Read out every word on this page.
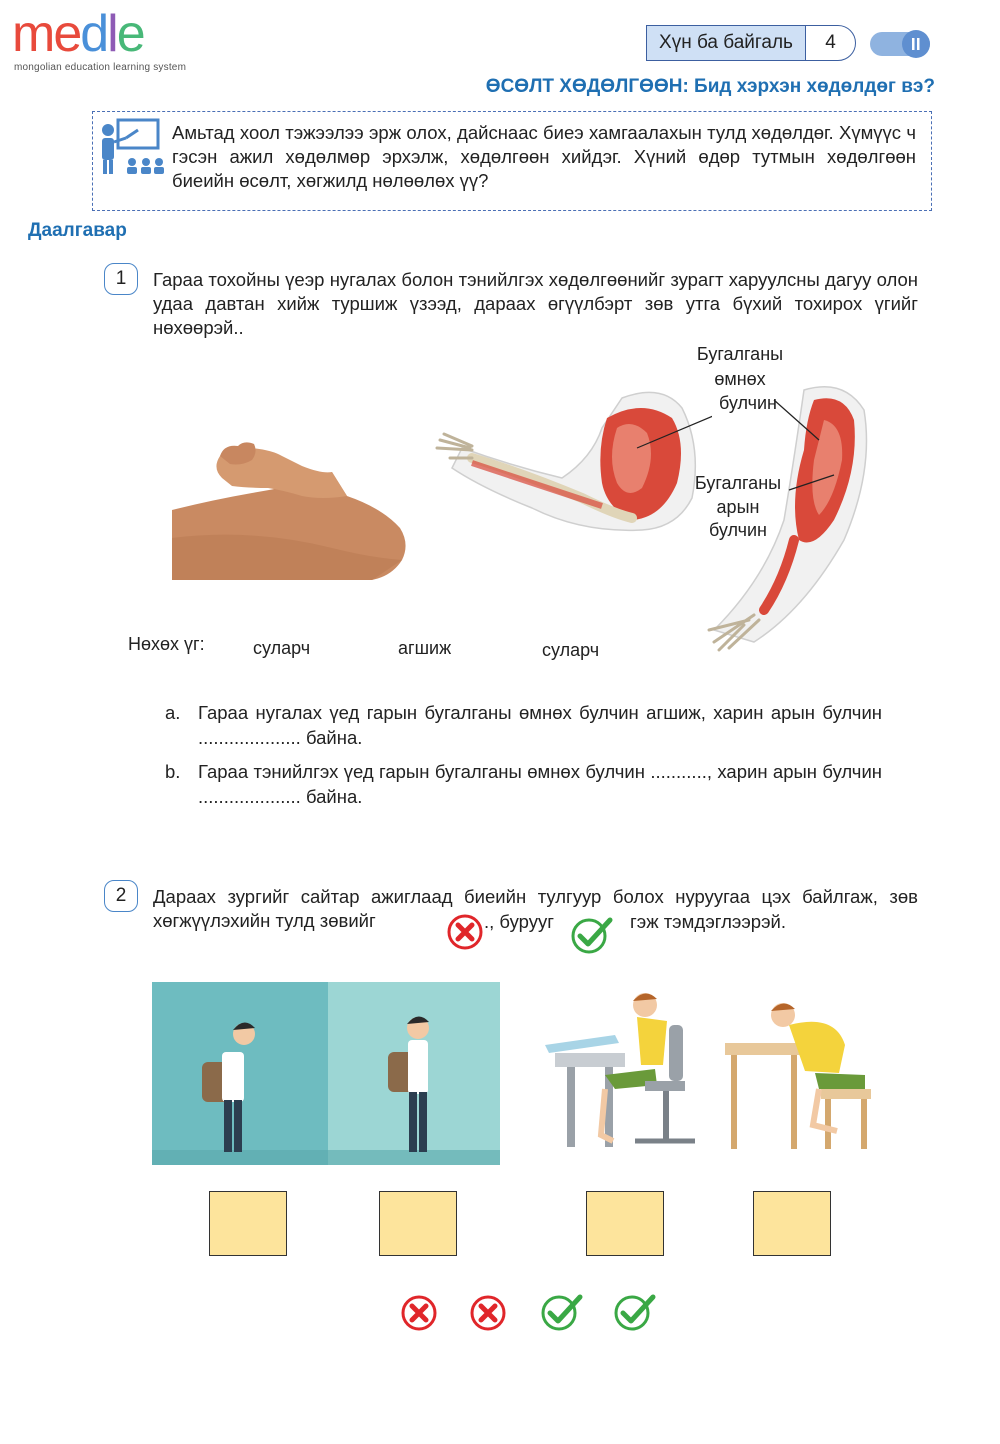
medle
mongolian education learning system
Хүн ба байгаль	4
ӨСӨЛТ ХӨДӨЛГӨӨН: Бид хэрхэн хөдөлдөг вэ?
Амьтад хоол тэжээлээ эрж олох, дайснаас биеэ хамгаалахын тулд хөдөлдөг. Хүмүүс ч гэсэн ажил хөдөлмөр эрхэлж, хөдөлгөөн хийдэг. Хүний өдөр тутмын хөдөлгөөн биеийн өсөлт, хөгжилд нөлөөлөх үү?
Даалгавар
1	Гараа тохойны үеэр нугалах болон тэнийлгэх хөдөлгөөнийг зурагт харуулсны дагуу олон удаа давтан хийж туршиж үзээд, дараах өгүүлбэрт зөв утга бүхий тохирох үгийг нөхөөрэй..
Бугалганы
өмнөх
булчин
Бугалганы
арын
булчин
Нөхөх үг:	суларч	агшиж	суларч
a. Гараа нугалах үед гарын бугалганы өмнөх булчин агшиж, харин арын булчин .................... байна.
b. Гараа тэнийлгэх үед гарын бугалганы өмнөх булчин ..........., харин арын булчин .................... байна.
2	Дараах зургийг сайтар ажиглаад биеийн тулгуур болох нуруугаа цэх байлгаж, зөв хөгжүүлэхийн тулд зөвийг	., бурууг	гэж тэмдэглээрэй.
